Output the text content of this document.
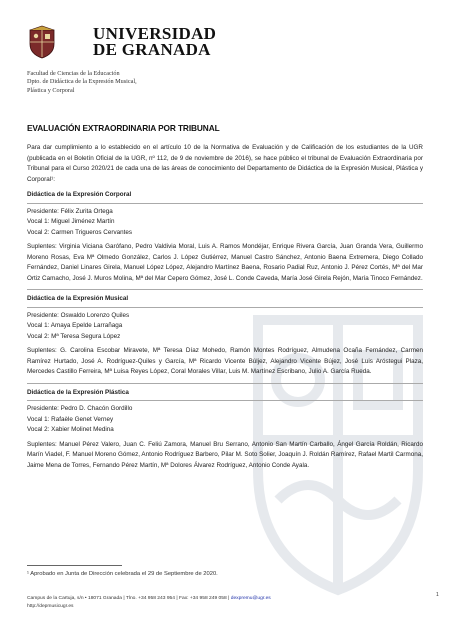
UNIVERSIDAD
DE GRANADA
Facultad de Ciencias de la Educación
Dpto. de Didáctica de la Expresión Musical,
Plástica y Corporal
EVALUACIÓN EXTRAORDINARIA POR TRIBUNAL

Para dar cumplimiento a lo establecido en el artículo 10 de la Normativa de Evaluación y de Calificación de los estudiantes de la UGR (publicada en el Boletín Oficial de la UGR, nº 112, de 9 de noviembre de 2016), se hace público el tribunal de Evaluación Extraordinaria por Tribunal para el Curso 2020/21 de cada una de las áreas de conocimiento del Departamento de Didáctica de la Expresión Musical, Plástica y Corporal¹:

Didáctica de la Expresión Corporal

Presidente: Félix Zurita Ortega

Vocal 1: Miguel Jiménez Martín

Vocal 2: Carmen Trigueros Cervantes

Suplentes: Virginia Viciana Garófano, Pedro Valdivia Moral, Luis A. Ramos Mondéjar, Enrique Rivera García, Juan Granda Vera, Guillermo Moreno Rosas, Eva Mª Olmedo González, Carlos J. López Gutiérrez, Manuel Castro Sánchez, Antonio Baena Extremera, Diego Collado Fernández, Daniel Linares Girela, Manuel López López, Alejandro Martínez Baena, Rosario Padial Ruz, Antonio J. Pérez Cortés, Mª del Mar Ortiz Camacho, José J. Muros Molina, Mª del Mar Cepero Gómez, José L. Conde Caveda, María José Girela Rejón, María Tinoco Fernández.

Didáctica de la Expresión Musical

Presidente: Oswaldo Lorenzo Quiles

Vocal 1: Amaya Epelde Larrañaga

Vocal 2: Mª Teresa Segura López

Suplentes: G. Carolina Escobar Miravete, Mª Teresa Díaz Mohedo, Ramón Montes Rodríguez, Almudena Ocaña Fernández, Carmen Ramírez Hurtado, José A. Rodríguez-Quiles y García, Mª Ricardo Vicente Búljez, Alejandro Vicente Bújez, José Luis Aróstegui Plaza, Mercedes Castillo Ferreira, Mª Luisa Reyes López, Coral Morales Villar, Luis M. Martínez Escribano, Julio A. García Rueda.

Didáctica de la Expresión Plástica

Presidente: Pedro D. Chacón Gordillo

Vocal 1: Rafaèle Genet Verney

Vocal 2: Xabier Molinet Medina

Suplentes: Manuel Pérez Valero, Juan C. Feliú Zamora, Manuel Bru Serrano, Antonio San Martín Carballo, Ángel García Roldán, Ricardo Marín Viadel, F. Manuel Moreno Gómez, Antonio Rodríguez Barbero, Pilar M. Soto Solier, Joaquín J. Roldán Ramírez, Rafael Martil Carmona, Jaime Mena de Torres, Fernando Pérez Martín, Mª Dolores Álvarez Rodríguez, Antonio Conde Ayala.

¹ Aprobado en Junta de Dirección celebrada el 29 de Septiembre de 2020.
Campus de la Cartuja, s/n • 18071 Granada | Tlno. +34 958 243 954 | Fax: +34 958 249 058 | dexpremu@ugr.es
http://depmusicugr.es
1
